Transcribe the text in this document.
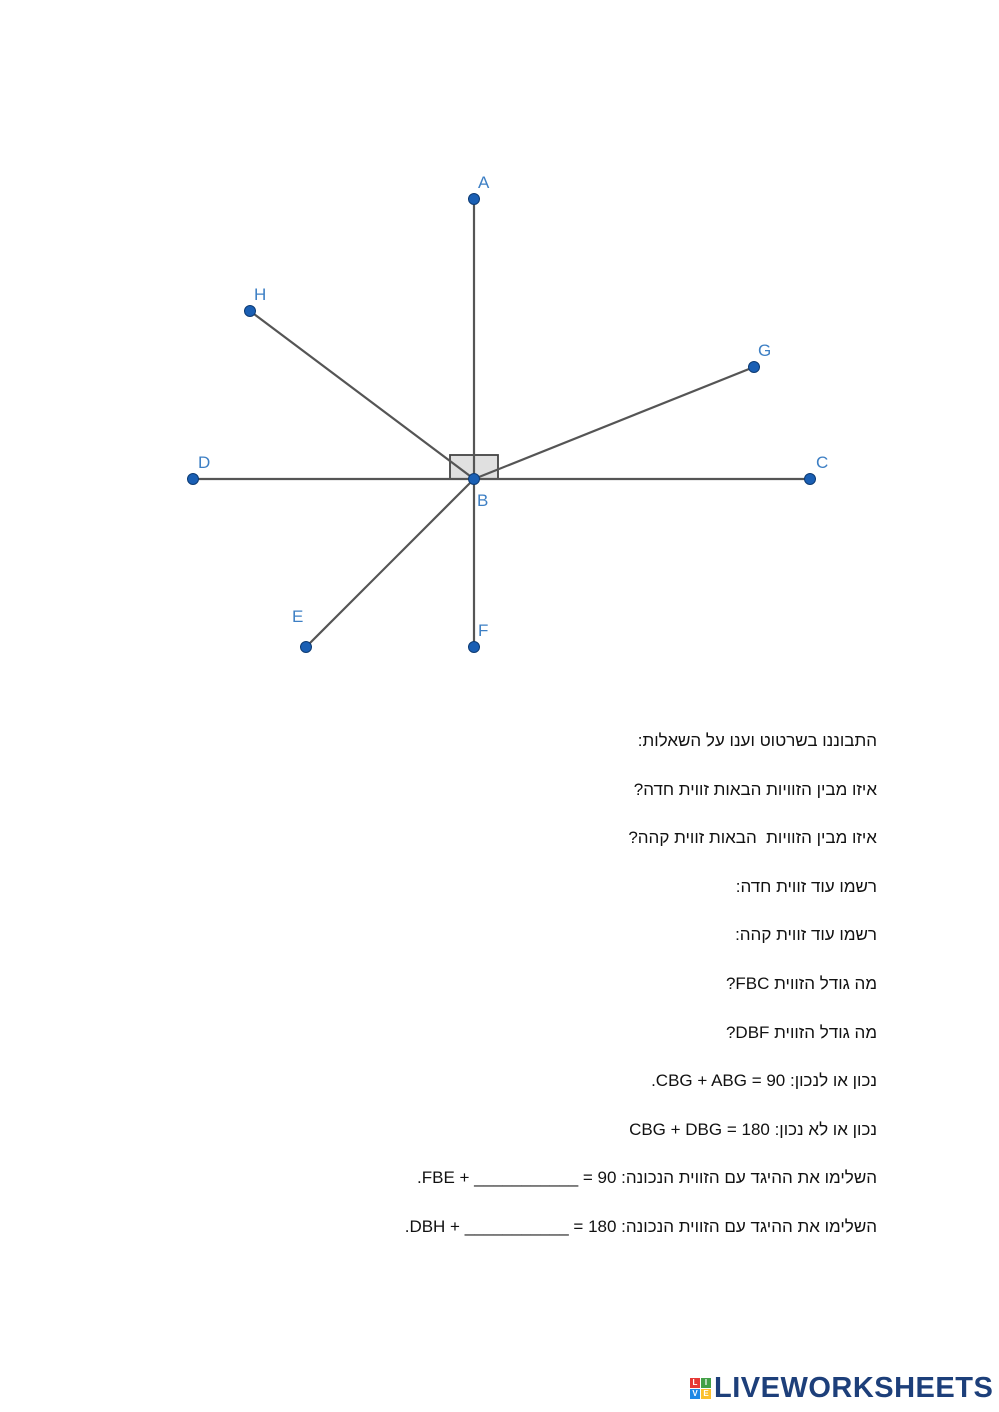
A
B
C
D
E
F
G
H
התבוננו בשרטוט וענו על השאלות:
איזו מבין הזוויות הבאות זווית חדה?
איזו מבין הזוויות  הבאות זווית קהה?
רשמו עוד זווית חדה:
רשמו עוד זווית קהה:
מה גודל הזווית FBC?
מה גודל הזווית DBF?
נכון או לנכון: CBG + ABG = 90.
נכון או לא נכון: CBG + DBG = 180
השלימו את ההיגד עם הזווית הנכונה: FBE + ___________ = 90.
השלימו את ההיגד עם הזווית הנכונה: DBH + ___________ = 180.
L I
V E LIVEWORKSHEETS
